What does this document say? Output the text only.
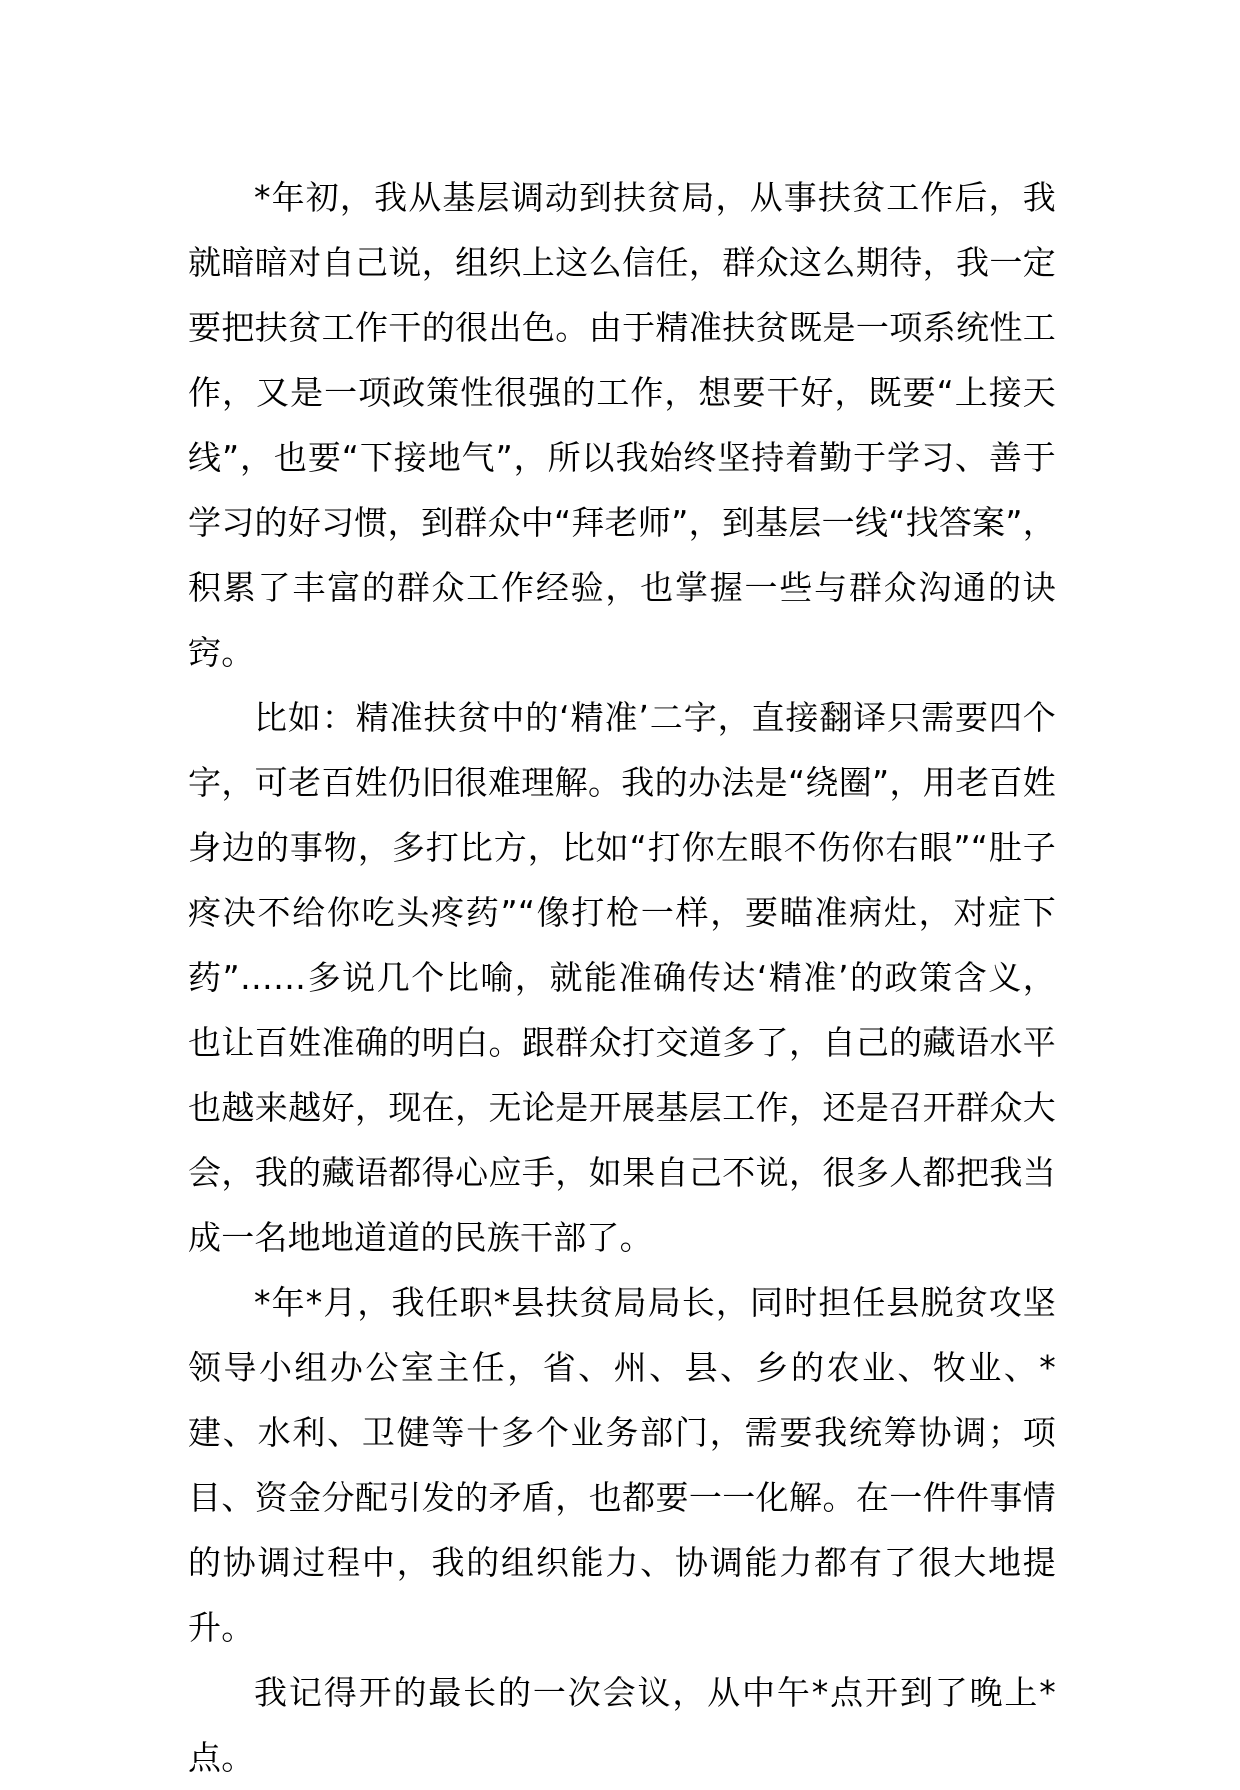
*年初，我从基层调动到扶贫局，从事扶贫工作后，我就暗暗对自己说，组织上这么信任，群众这么期待，我一定要把扶贫工作干的很出色。由于精准扶贫既是一项系统性工作，又是一项政策性很强的工作，想要干好，既要“上接天线”，也要“下接地气”，所以我始终坚持着勤于学习、善于学习的好习惯，到群众中“拜老师”，到基层一线“找答案”，积累了丰富的群众工作经验，也掌握一些与群众沟通的诀窍。

比如：精准扶贫中的‘精准’二字，直接翻译只需要四个字，可老百姓仍旧很难理解。我的办法是“绕圈”，用老百姓身边的事物，多打比方，比如“打你左眼不伤你右眼”“肚子疼决不给你吃头疼药”“像打枪一样，要瞄准病灶，对症下药”……多说几个比喻，就能准确传达‘精准’的政策含义，也让百姓准确的明白。跟群众打交道多了，自己的藏语水平也越来越好，现在，无论是开展基层工作，还是召开群众大会，我的藏语都得心应手，如果自己不说，很多人都把我当成一名地地道道的民族干部了。

*年*月，我任职*县扶贫局局长，同时担任县脱贫攻坚领导小组办公室主任，省、州、县、乡的农业、牧业、*建、水利、卫健等十多个业务部门，需要我统筹协调；项目、资金分配引发的矛盾，也都要一一化解。在一件件事情的协调过程中，我的组织能力、协调能力都有了很大地提升。

我记得开的最长的一次会议，从中午*点开到了晚上*点。
